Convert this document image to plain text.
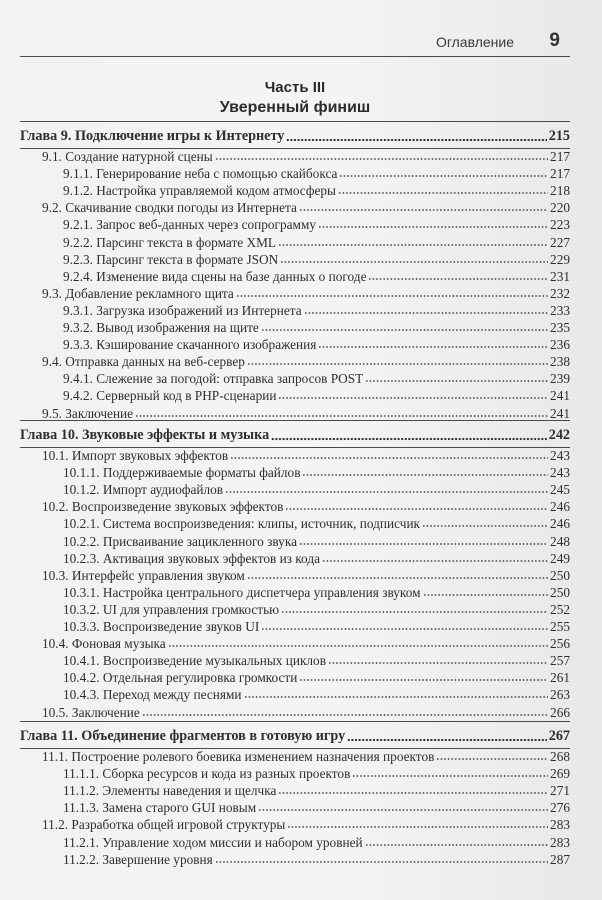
Оглавление 9
Часть III
Уверенный финиш
Глава 9. Подключение игры к Интернету	215
9.1. Создание натурной сцены	217
9.1.1. Генерирование неба с помощью скайбокса	217
9.1.2. Настройка управляемой кодом атмосферы	218
9.2. Скачивание сводки погоды из Интернета	220
9.2.1. Запрос веб-данных через сопрограмму	223
9.2.2. Парсинг текста в формате XML	227
9.2.3. Парсинг текста в формате JSON	229
9.2.4. Изменение вида сцены на базе данных о погоде	231
9.3. Добавление рекламного щита	232
9.3.1. Загрузка изображений из Интернета	233
9.3.2. Вывод изображения на щите	235
9.3.3. Кэширование скачанного изображения	236
9.4. Отправка данных на веб-сервер	238
9.4.1. Слежение за погодой: отправка запросов POST	239
9.4.2. Серверный код в PHP-сценарии	241
9.5. Заключение	241
Глава 10. Звуковые эффекты и музыка	242
10.1. Импорт звуковых эффектов	243
10.1.1. Поддерживаемые форматы файлов	243
10.1.2. Импорт аудиофайлов	245
10.2. Воспроизведение звуковых эффектов	246
10.2.1. Система воспроизведения: клипы, источник, подписчик	246
10.2.2. Присваивание зацикленного звука	248
10.2.3. Активация звуковых эффектов из кода	249
10.3. Интерфейс управления звуком	250
10.3.1. Настройка центрального диспетчера управления звуком	250
10.3.2. UI для управления громкостью	252
10.3.3. Воспроизведение звуков UI	255
10.4. Фоновая музыка	256
10.4.1. Воспроизведение музыкальных циклов	257
10.4.2. Отдельная регулировка громкости	261
10.4.3. Переход между песнями	263
10.5. Заключение	266
Глава 11. Объединение фрагментов в готовую игру	267
11.1. Построение ролевого боевика изменением назначения проектов	268
11.1.1. Сборка ресурсов и кода из разных проектов	269
11.1.2. Элементы наведения и щелчка	271
11.1.3. Замена старого GUI новым	276
11.2. Разработка общей игровой структуры	283
11.2.1. Управление ходом миссии и набором уровней	283
11.2.2. Завершение уровня	287
